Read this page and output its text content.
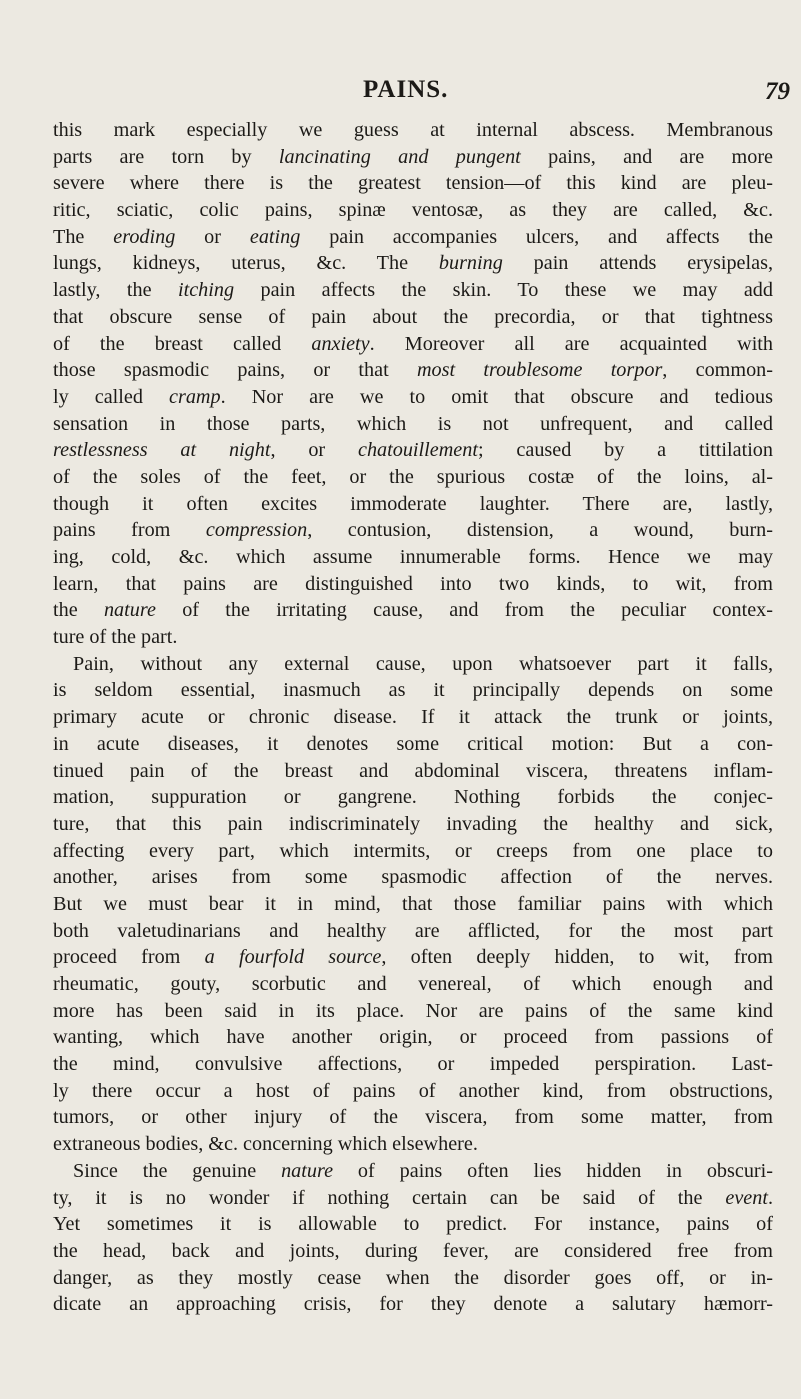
PAINS.	79
this mark especially we guess at internal abscess. Membranous
parts are torn by lancinating and pungent pains, and are more
severe where there is the greatest tension—of this kind are pleu-
ritic, sciatic, colic pains, spinæ ventosæ, as they are called, &c.
The eroding or eating pain accompanies ulcers, and affects the
lungs, kidneys, uterus, &c. The burning pain attends erysipelas,
lastly, the itching pain affects the skin. To these we may add
that obscure sense of pain about the precordia, or that tightness
of the breast called anxiety. Moreover all are acquainted with
those spasmodic pains, or that most troublesome torpor, common-
ly called cramp. Nor are we to omit that obscure and tedious
sensation in those parts, which is not unfrequent, and called
restlessness at night, or chatouillement; caused by a tittilation
of the soles of the feet, or the spurious costæ of the loins, al-
though it often excites immoderate laughter. There are, lastly,
pains from compression, contusion, distension, a wound, burn-
ing, cold, &c. which assume innumerable forms. Hence we may
learn, that pains are distinguished into two kinds, to wit, from
the nature of the irritating cause, and from the peculiar contex-
ture of the part.
Pain, without any external cause, upon whatsoever part it falls,
is seldom essential, inasmuch as it principally depends on some
primary acute or chronic disease. If it attack the trunk or joints,
in acute diseases, it denotes some critical motion: But a con-
tinued pain of the breast and abdominal viscera, threatens inflam-
mation, suppuration or gangrene. Nothing forbids the conjec-
ture, that this pain indiscriminately invading the healthy and sick,
affecting every part, which intermits, or creeps from one place to
another, arises from some spasmodic affection of the nerves.
But we must bear it in mind, that those familiar pains with which
both valetudinarians and healthy are afflicted, for the most part
proceed from a fourfold source, often deeply hidden, to wit, from
rheumatic, gouty, scorbutic and venereal, of which enough and
more has been said in its place. Nor are pains of the same kind
wanting, which have another origin, or proceed from passions of
the mind, convulsive affections, or impeded perspiration. Last-
ly there occur a host of pains of another kind, from obstructions,
tumors, or other injury of the viscera, from some matter, from
extraneous bodies, &c. concerning which elsewhere.
Since the genuine nature of pains often lies hidden in obscuri-
ty, it is no wonder if nothing certain can be said of the event.
Yet sometimes it is allowable to predict. For instance, pains of
the head, back and joints, during fever, are considered free from
danger, as they mostly cease when the disorder goes off, or in-
dicate an approaching crisis, for they denote a salutary hæmorr-
